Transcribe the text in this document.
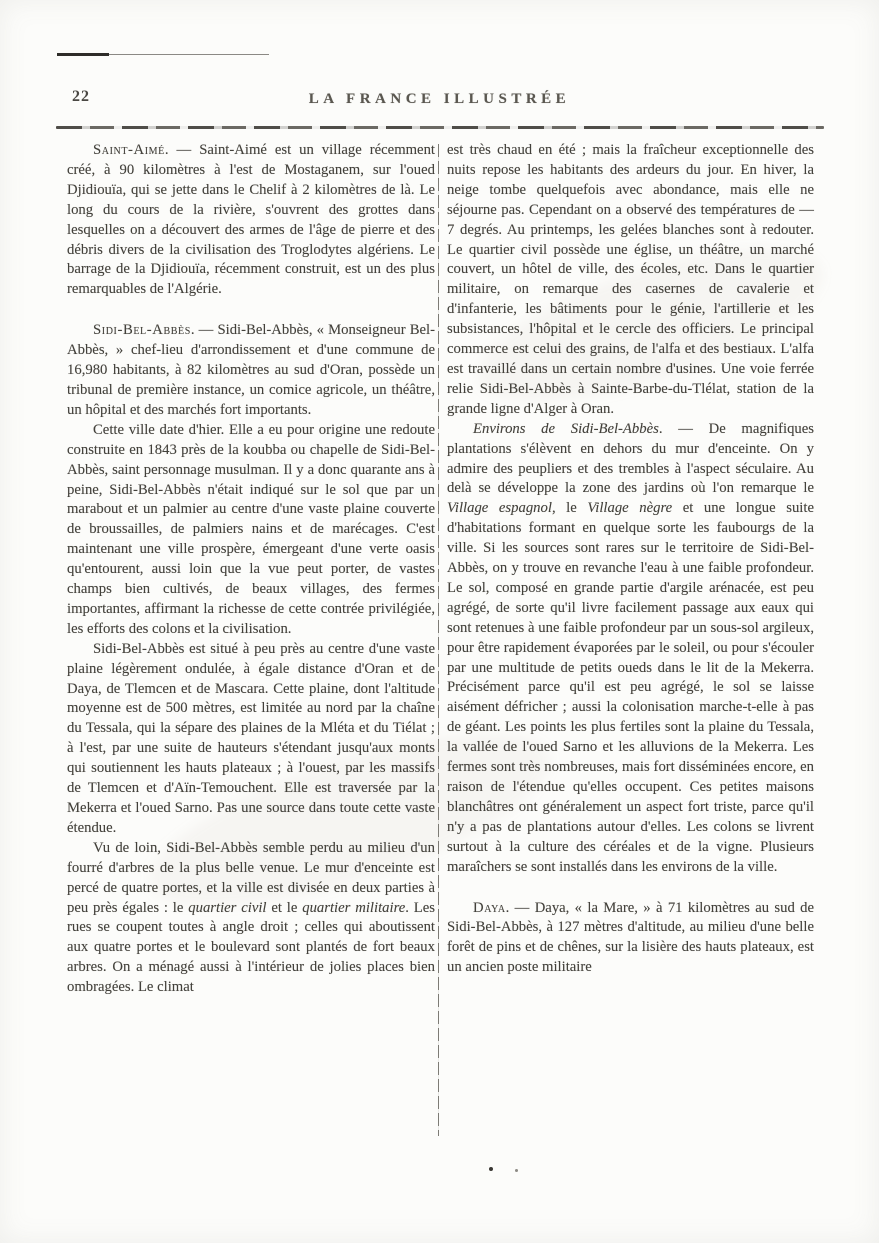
22	LA FRANCE ILLUSTRÉE

Saint-Aimé. — Saint-Aimé est un village récemment créé, à 90 kilomètres à l'est de Mostaganem, sur l'oued Djidiouïa, qui se jette dans le Chelif à 2 kilomètres de là. Le long du cours de la rivière, s'ouvrent des grottes dans lesquelles on a découvert des armes de l'âge de pierre et des débris divers de la civilisation des Troglodytes algériens. Le barrage de la Djidiouïa, récemment construit, est un des plus remarquables de l'Algérie.

Sidi-Bel-Abbès. — Sidi-Bel-Abbès, « Monseigneur Bel-Abbès, » chef-lieu d'arrondissement et d'une commune de 16,980 habitants, à 82 kilomètres au sud d'Oran, possède un tribunal de première instance, un comice agricole, un théâtre, un hôpital et des marchés fort importants.

Cette ville date d'hier. Elle a eu pour origine une redoute construite en 1843 près de la koubba ou chapelle de Sidi-Bel-Abbès, saint personnage musulman. Il y a donc quarante ans à peine, Sidi-Bel-Abbès n'était indiqué sur le sol que par un marabout et un palmier au centre d'une vaste plaine couverte de broussailles, de palmiers nains et de marécages. C'est maintenant une ville prospère, émergeant d'une verte oasis qu'entourent, aussi loin que la vue peut porter, de vastes champs bien cultivés, de beaux villages, des fermes importantes, affirmant la richesse de cette contrée privilégiée, les efforts des colons et la civilisation.

Sidi-Bel-Abbès est situé à peu près au centre d'une vaste plaine légèrement ondulée, à égale distance d'Oran et de Daya, de Tlemcen et de Mascara. Cette plaine, dont l'altitude moyenne est de 500 mètres, est limitée au nord par la chaîne du Tessala, qui la sépare des plaines de la Mléta et du Tiélat ; à l'est, par une suite de hauteurs s'étendant jusqu'aux monts qui soutiennent les hauts plateaux ; à l'ouest, par les massifs de Tlemcen et d'Aïn-Temouchent. Elle est traversée par la Mekerra et l'oued Sarno. Pas une source dans toute cette vaste étendue.

Vu de loin, Sidi-Bel-Abbès semble perdu au milieu d'un fourré d'arbres de la plus belle venue. Le mur d'enceinte est percé de quatre portes, et la ville est divisée en deux parties à peu près égales : le quartier civil et le quartier militaire. Les rues se coupent toutes à angle droit ; celles qui aboutissent aux quatre portes et le boulevard sont plantés de fort beaux arbres. On a ménagé aussi à l'intérieur de jolies places bien ombragées. Le climat

est très chaud en été ; mais la fraîcheur exceptionnelle des nuits repose les habitants des ardeurs du jour. En hiver, la neige tombe quelquefois avec abondance, mais elle ne séjourne pas. Cependant on a observé des températures de — 7 degrés. Au printemps, les gelées blanches sont à redouter. Le quartier civil possède une église, un théâtre, un marché couvert, un hôtel de ville, des écoles, etc. Dans le quartier militaire, on remarque des casernes de cavalerie et d'infanterie, les bâtiments pour le génie, l'artillerie et les subsistances, l'hôpital et le cercle des officiers. Le principal commerce est celui des grains, de l'alfa et des bestiaux. L'alfa est travaillé dans un certain nombre d'usines. Une voie ferrée relie Sidi-Bel-Abbès à Sainte-Barbe-du-Tlélat, station de la grande ligne d'Alger à Oran.

Environs de Sidi-Bel-Abbès. — De magnifiques plantations s'élèvent en dehors du mur d'enceinte. On y admire des peupliers et des trembles à l'aspect séculaire. Au delà se développe la zone des jardins où l'on remarque le Village espagnol, le Village nègre et une longue suite d'habitations formant en quelque sorte les faubourgs de la ville. Si les sources sont rares sur le territoire de Sidi-Bel-Abbès, on y trouve en revanche l'eau à une faible profondeur. Le sol, composé en grande partie d'argile arénacée, est peu agrégé, de sorte qu'il livre facilement passage aux eaux qui sont retenues à une faible profondeur par un sous-sol argileux, pour être rapidement évaporées par le soleil, ou pour s'écouler par une multitude de petits oueds dans le lit de la Mekerra. Précisément parce qu'il est peu agrégé, le sol se laisse aisément défricher ; aussi la colonisation marche-t-elle à pas de géant. Les points les plus fertiles sont la plaine du Tessala, la vallée de l'oued Sarno et les alluvions de la Mekerra. Les fermes sont très nombreuses, mais fort disséminées encore, en raison de l'étendue qu'elles occupent. Ces petites maisons blanchâtres ont généralement un aspect fort triste, parce qu'il n'y a pas de plantations autour d'elles. Les colons se livrent surtout à la culture des céréales et de la vigne. Plusieurs maraîchers se sont installés dans les environs de la ville.

Daya. — Daya, « la Mare, » à 71 kilomètres au sud de Sidi-Bel-Abbès, à 127 mètres d'altitude, au milieu d'une belle forêt de pins et de chênes, sur la lisière des hauts plateaux, est un ancien poste militaire
